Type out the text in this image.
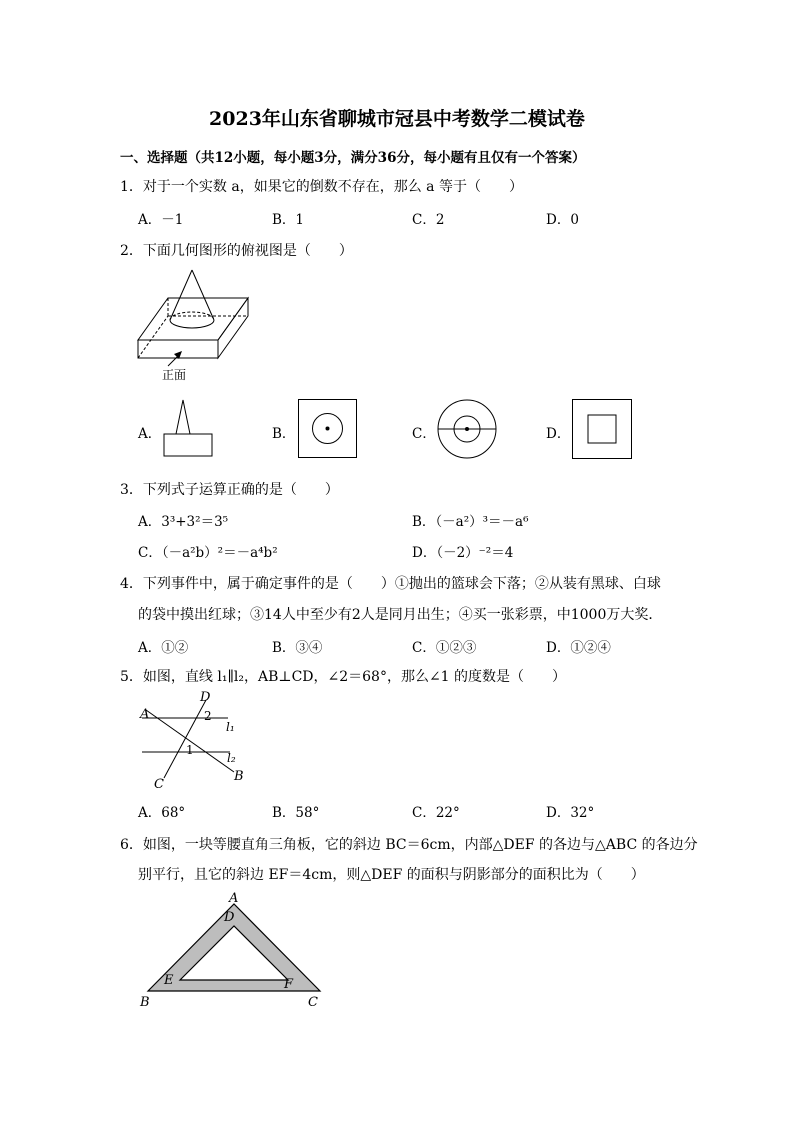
2023年山东省聊城市冠县中考数学二模试卷
一、选择题（共12小题，每小题3分，满分36分，每小题有且仅有一个答案）
1．对于一个实数 a，如果它的倒数不存在，那么 a 等于（　　）
A．－1	B．1	C．2	D．0
2．下面几何图形的俯视图是（　　）
正面
A．	B．	C．	D．
3．下列式子运算正确的是（　　）
A．3³+3²＝3⁵	B．（－a²）³＝－a⁶
C．（－a²b）²＝－a⁴b²	D．（－2）⁻²＝4
4．下列事件中，属于确定事件的是（　　）①抛出的篮球会下落；②从装有黑球、白球
的袋中摸出红球；③14人中至少有2人是同月出生；④买一张彩票，中1000万大奖．
A．①②	B．③④	C．①②③	D．①②④
5．如图，直线 l₁∥l₂，AB⊥CD，∠2＝68°，那么∠1 的度数是（　　）
A
D
2
l₁
1
l₂
C
B
A．68°	B．58°	C．22°	D．32°
6．如图，一块等腰直角三角板，它的斜边 BC＝6cm，内部△DEF 的各边与△ABC 的各边分
别平行，且它的斜边 EF＝4cm，则△DEF 的面积与阴影部分的面积比为（　　）
A
D
E	F
B	C
